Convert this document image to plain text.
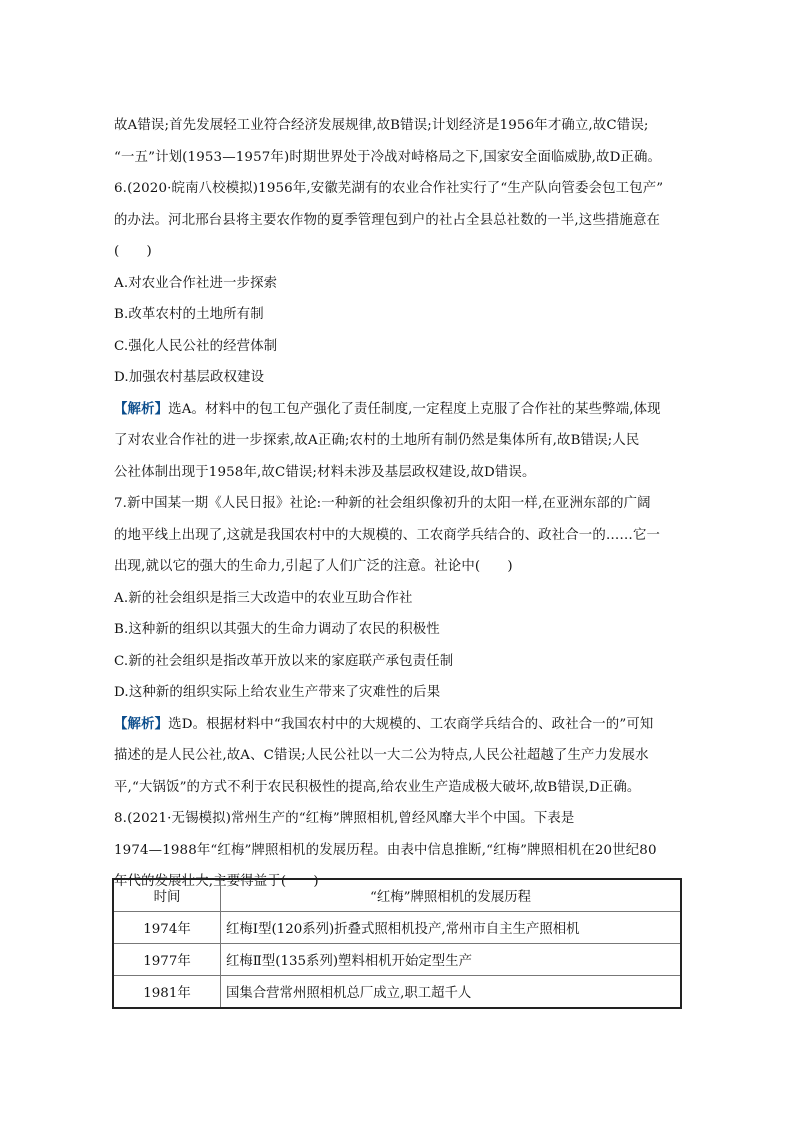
故A错误;首先发展轻工业符合经济发展规律,故B错误;计划经济是1956年才确立,故C错误;
“一五”计划(1953—1957年)时期世界处于冷战对峙格局之下,国家安全面临威胁,故D正确。
6.(2020·皖南八校模拟)1956年,安徽芜湖有的农业合作社实行了“生产队向管委会包工包产”
的办法。河北邢台县将主要农作物的夏季管理包到户的社占全县总社数的一半,这些措施意在
(　　)
A.对农业合作社进一步探索
B.改革农村的土地所有制
C.强化人民公社的经营体制
D.加强农村基层政权建设
【解析】选A。材料中的包工包产强化了责任制度,一定程度上克服了合作社的某些弊端,体现
了对农业合作社的进一步探索,故A正确;农村的土地所有制仍然是集体所有,故B错误;人民
公社体制出现于1958年,故C错误;材料未涉及基层政权建设,故D错误。
7.新中国某一期《人民日报》社论:一种新的社会组织像初升的太阳一样,在亚洲东部的广阔
的地平线上出现了,这就是我国农村中的大规模的、工农商学兵结合的、政社合一的……它一
出现,就以它的强大的生命力,引起了人们广泛的注意。社论中(　　)
A.新的社会组织是指三大改造中的农业互助合作社
B.这种新的组织以其强大的生命力调动了农民的积极性
C.新的社会组织是指改革开放以来的家庭联产承包责任制
D.这种新的组织实际上给农业生产带来了灾难性的后果
【解析】选D。根据材料中“我国农村中的大规模的、工农商学兵结合的、政社合一的”可知
描述的是人民公社,故A、C错误;人民公社以一大二公为特点,人民公社超越了生产力发展水
平,“大锅饭”的方式不利于农民积极性的提高,给农业生产造成极大破坏,故B错误,D正确。
8.(2021·无锡模拟)常州生产的“红梅”牌照相机,曾经风靡大半个中国。下表是
1974—1988年“红梅”牌照相机的发展历程。由表中信息推断,“红梅”牌照相机在20世纪80
年代的发展壮大,主要得益于(　　)
时间	“红梅”牌照相机的发展历程
1974年	红梅Ⅰ型(120系列)折叠式照相机投产,常州市自主生产照相机
1977年	红梅Ⅱ型(135系列)塑料相机开始定型生产
1981年	国集合营常州照相机总厂成立,职工超千人
